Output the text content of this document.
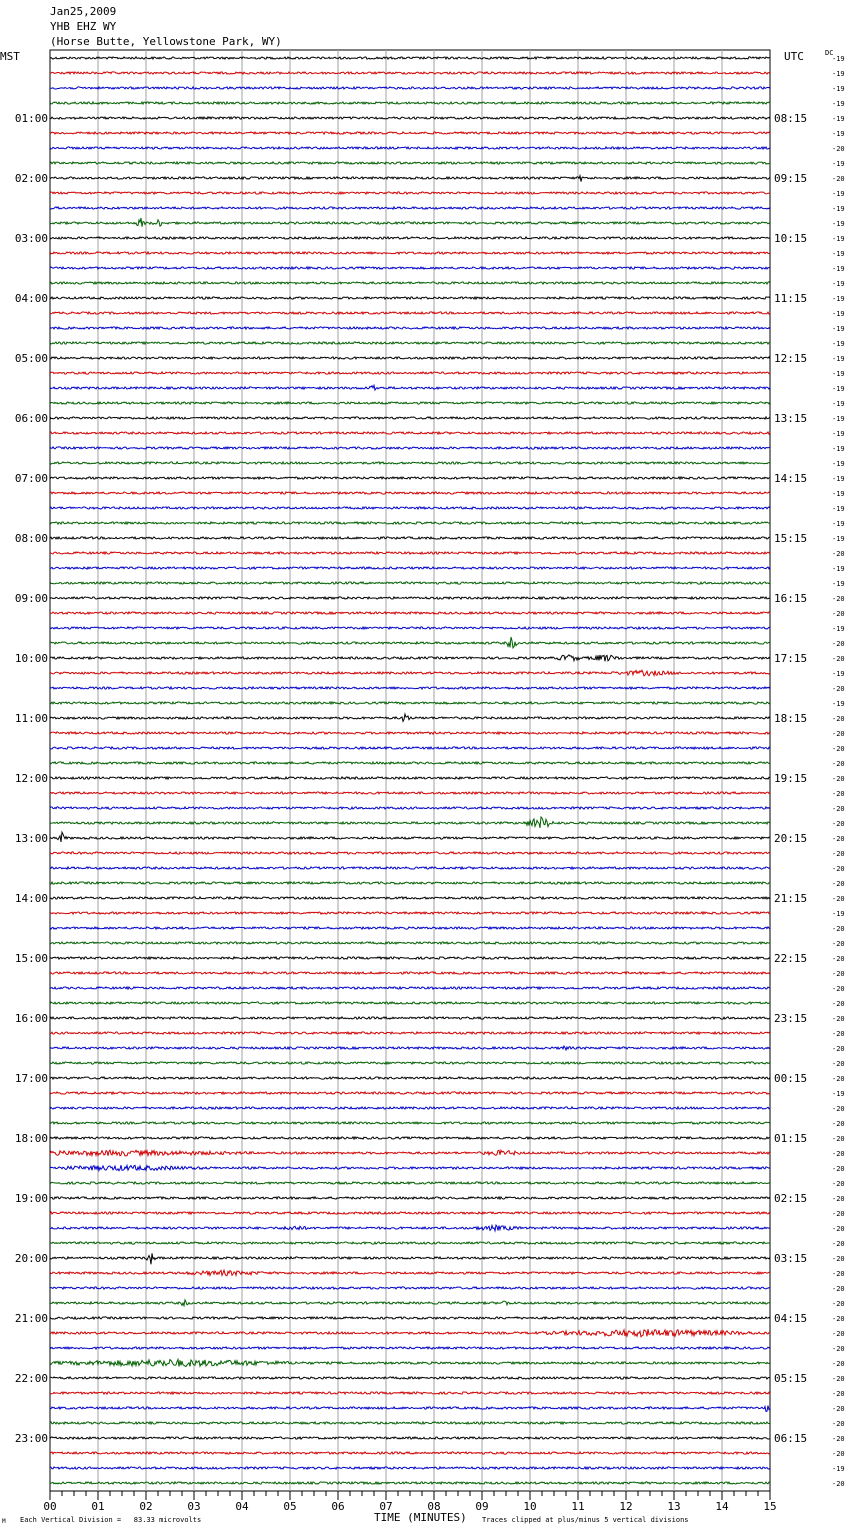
Jan25,2009
YHB EHZ WY
(Horse Butte, Yellowstone Park, WY)
MST	UTC	DC
-19
-19
-19
-19
-19
-19
-20
-19
-20
-19
-19
-19
-19
-19
-19
-19
-19
-19
-19
-19
-19
-19
-19
-19
-19
-19
-19
-19
-19
-19
-19
-19
-19
-20
-19
-19
-20
-20
-19
-20
-20
-19
-20
-19
-20
-20
-20
-20
-20
-20
-20
-20
-20
-20
-20
-20
-20
-19
-20
-20
-20
-20
-20
-20
-20
-20
-20
-20
-20
-19
-20
-20
-20
-20
-20
-20
-20
-20
-20
-20
-20
-20
-20
-20
-20
-20
-20
-20
-20
-20
-20
-20
-20
-20
-19
-20
01:00
02:00
03:00
04:00
05:00
06:00
07:00
08:00
09:00
10:00
11:00
12:00
13:00
14:00
15:00
16:00
17:00
18:00
19:00
20:00
21:00
22:00
23:00
08:15
09:15
10:15
11:15
12:15
13:15
14:15
15:15
16:15
17:15
18:15
19:15
20:15
21:15
22:15
23:15
00:15
01:15
02:15
03:15
04:15
05:15
06:15
00	01	02	03	04	05	06	07	08	09	10	11	12	13	14	15
TIME (MINUTES)
M Each Vertical Division =   83.33 microvolts	Traces clipped at plus/minus 5 vertical divisions
